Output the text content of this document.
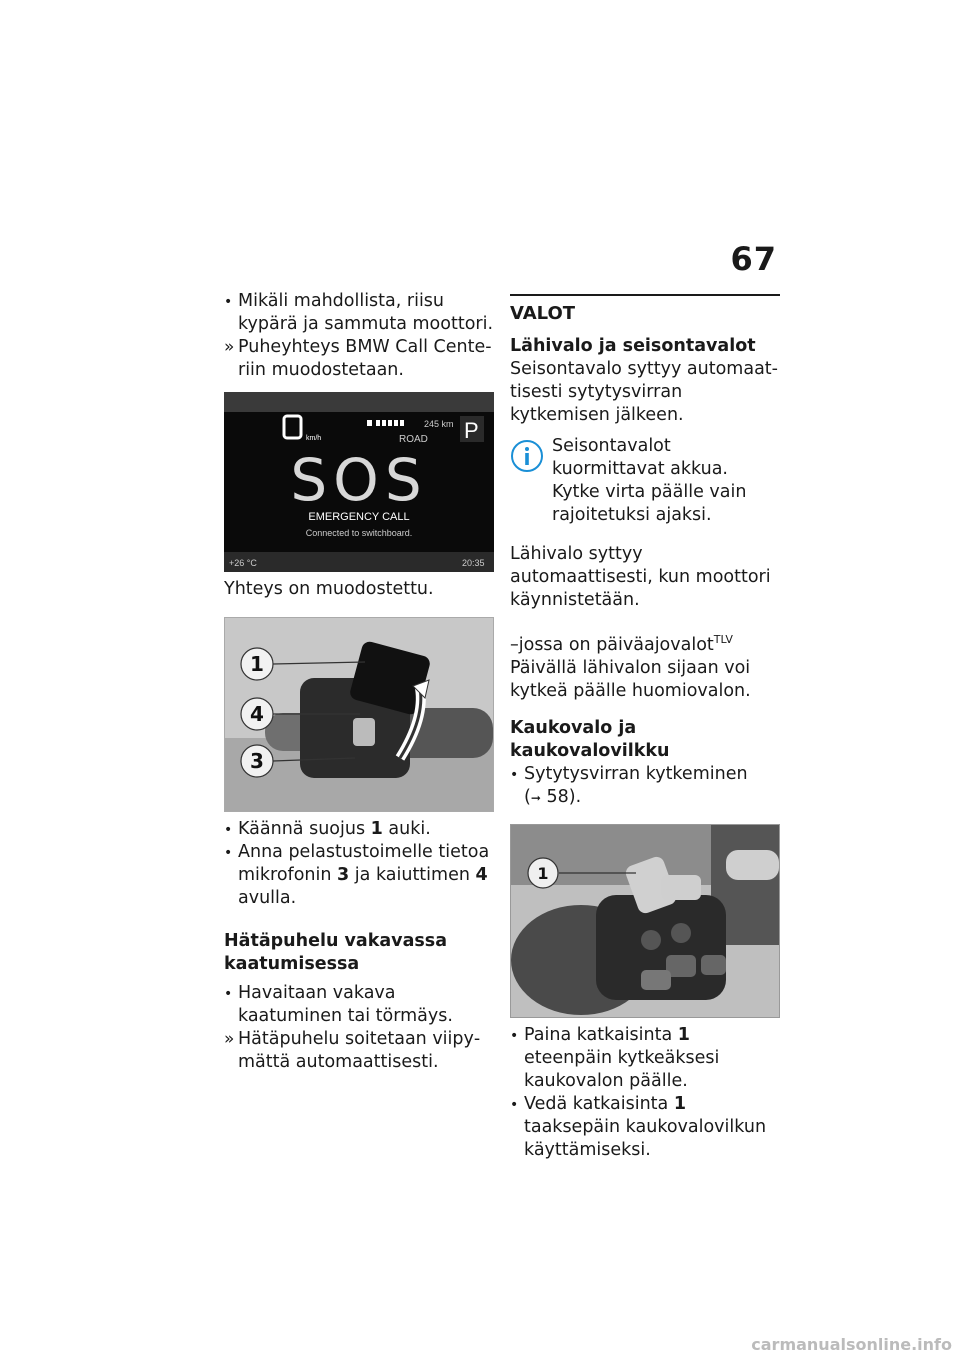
67
• Mikäli mahdollista, riisu kypärä ja sammuta moottori.
» Puheyhteys BMW Call Centeriin muodostetaan.
km/h
245 km
ROAD P
SOS
EMERGENCY CALL
Connected to switchboard.
+26 °C	20:35

Yhteys on muodostettu.

1
4
3
• Käännä suojus 1 auki.
• Anna pelastustoimelle tietoa mikrofonin 3 ja kaiuttimen 4 avulla.

Hätäpuhelu vakavassa kaatumisessa

• Havaitaan vakava kaatuminen tai törmäys.
» Hätäpuhelu soitetaan viipymättä automaattisesti.
VALOT

Lähivalo ja seisontavalot

Seisontavalo syttyy automaattisesti sytytysvirran kytkemisen jälkeen.

Seisontavalot kuormittavat akkua. Kytke virta päälle vain rajoitetuksi ajaksi.

Lähivalo syttyy automaattisesti, kun moottori käynnistetään.

–jossa on päiväajovalot$^{TLV}$

Päivällä lähivalon sijaan voi kytkeä päälle huomiovalon.

Kaukovalo ja kaukovalovilkku

• Sytytysvirran kytkeminen
(➞ 58).
1
• Paina katkaisinta 1 eteenpäin kytkeäksesi kaukovalon päälle.
• Vedä katkaisinta 1 taaksepäin kaukovalovilkun käyttämiseksi.
carmanualsonline.info
